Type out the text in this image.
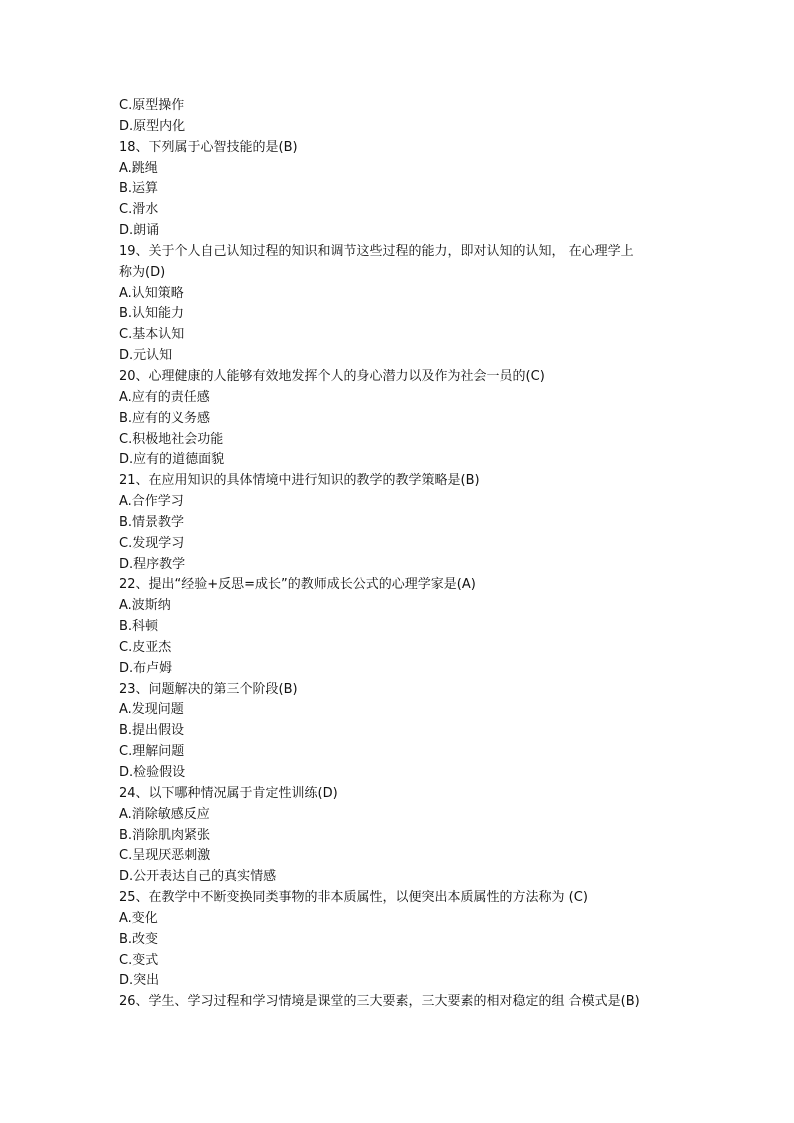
C.原型操作
D.原型内化
18、下列属于心智技能的是(B)
A.跳绳
B.运算
C.滑水
D.朗诵
19、关于个人自己认知过程的知识和调节这些过程的能力，即对认知的认知， 在心理学上
称为(D)
A.认知策略
B.认知能力
C.基本认知
D.元认知
20、心理健康的人能够有效地发挥个人的身心潜力以及作为社会一员的(C)
A.应有的责任感
B.应有的义务感
C.积极地社会功能
D.应有的道德面貌
21、在应用知识的具体情境中进行知识的教学的教学策略是(B)
A.合作学习
B.情景教学
C.发现学习
D.程序教学
22、提出“经验+反思=成长”的教师成长公式的心理学家是(A)
A.波斯纳
B.科顿
C.皮亚杰
D.布卢姆
23、问题解决的第三个阶段(B)
A.发现问题
B.提出假设
C.理解问题
D.检验假设
24、以下哪种情况属于肯定性训练(D)
A.消除敏感反应
B.消除肌肉紧张
C.呈现厌恶刺激
D.公开表达自己的真实情感
25、在教学中不断变换同类事物的非本质属性，以便突出本质属性的方法称为 (C)
A.变化
B.改变
C.变式
D.突出
26、学生、学习过程和学习情境是课堂的三大要素，三大要素的相对稳定的组 合模式是(B)
